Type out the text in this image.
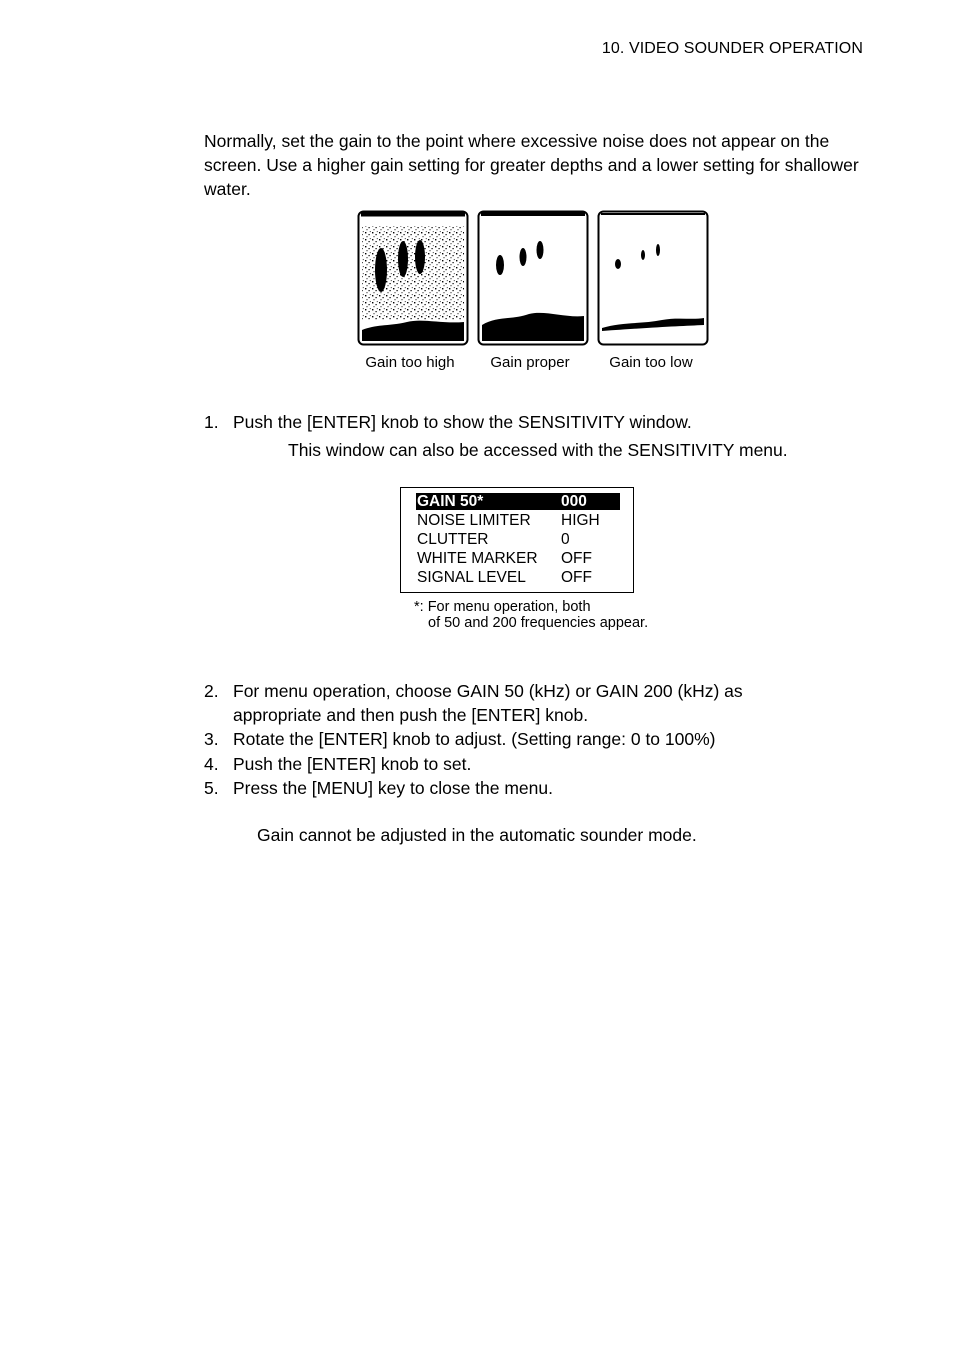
10. VIDEO SOUNDER OPERATION

Normally, set the gain to the point where excessive noise does not appear on the screen. Use a higher gain setting for greater depths and a lower setting for shallower water.

Gain too high	Gain proper	Gain too low
1. Push the [ENTER] knob to show the SENSITIVITY window.
This window can also be accessed with the SENSITIVITY menu.
GAIN 50*	000
NOISE LIMITER HIGH
CLUTTER	0
WHITE MARKER OFF
SIGNAL LEVEL OFF
*: For menu operation, both
of 50 and 200 frequencies appear.
2. For menu operation, choose GAIN 50 (kHz) or GAIN 200 (kHz) as appropriate and then push the [ENTER] knob.
3. Rotate the [ENTER] knob to adjust. (Setting range: 0 to 100%)
4. Push the [ENTER] knob to set.
5. Press the [MENU] key to close the menu.
Gain cannot be adjusted in the automatic sounder mode.
